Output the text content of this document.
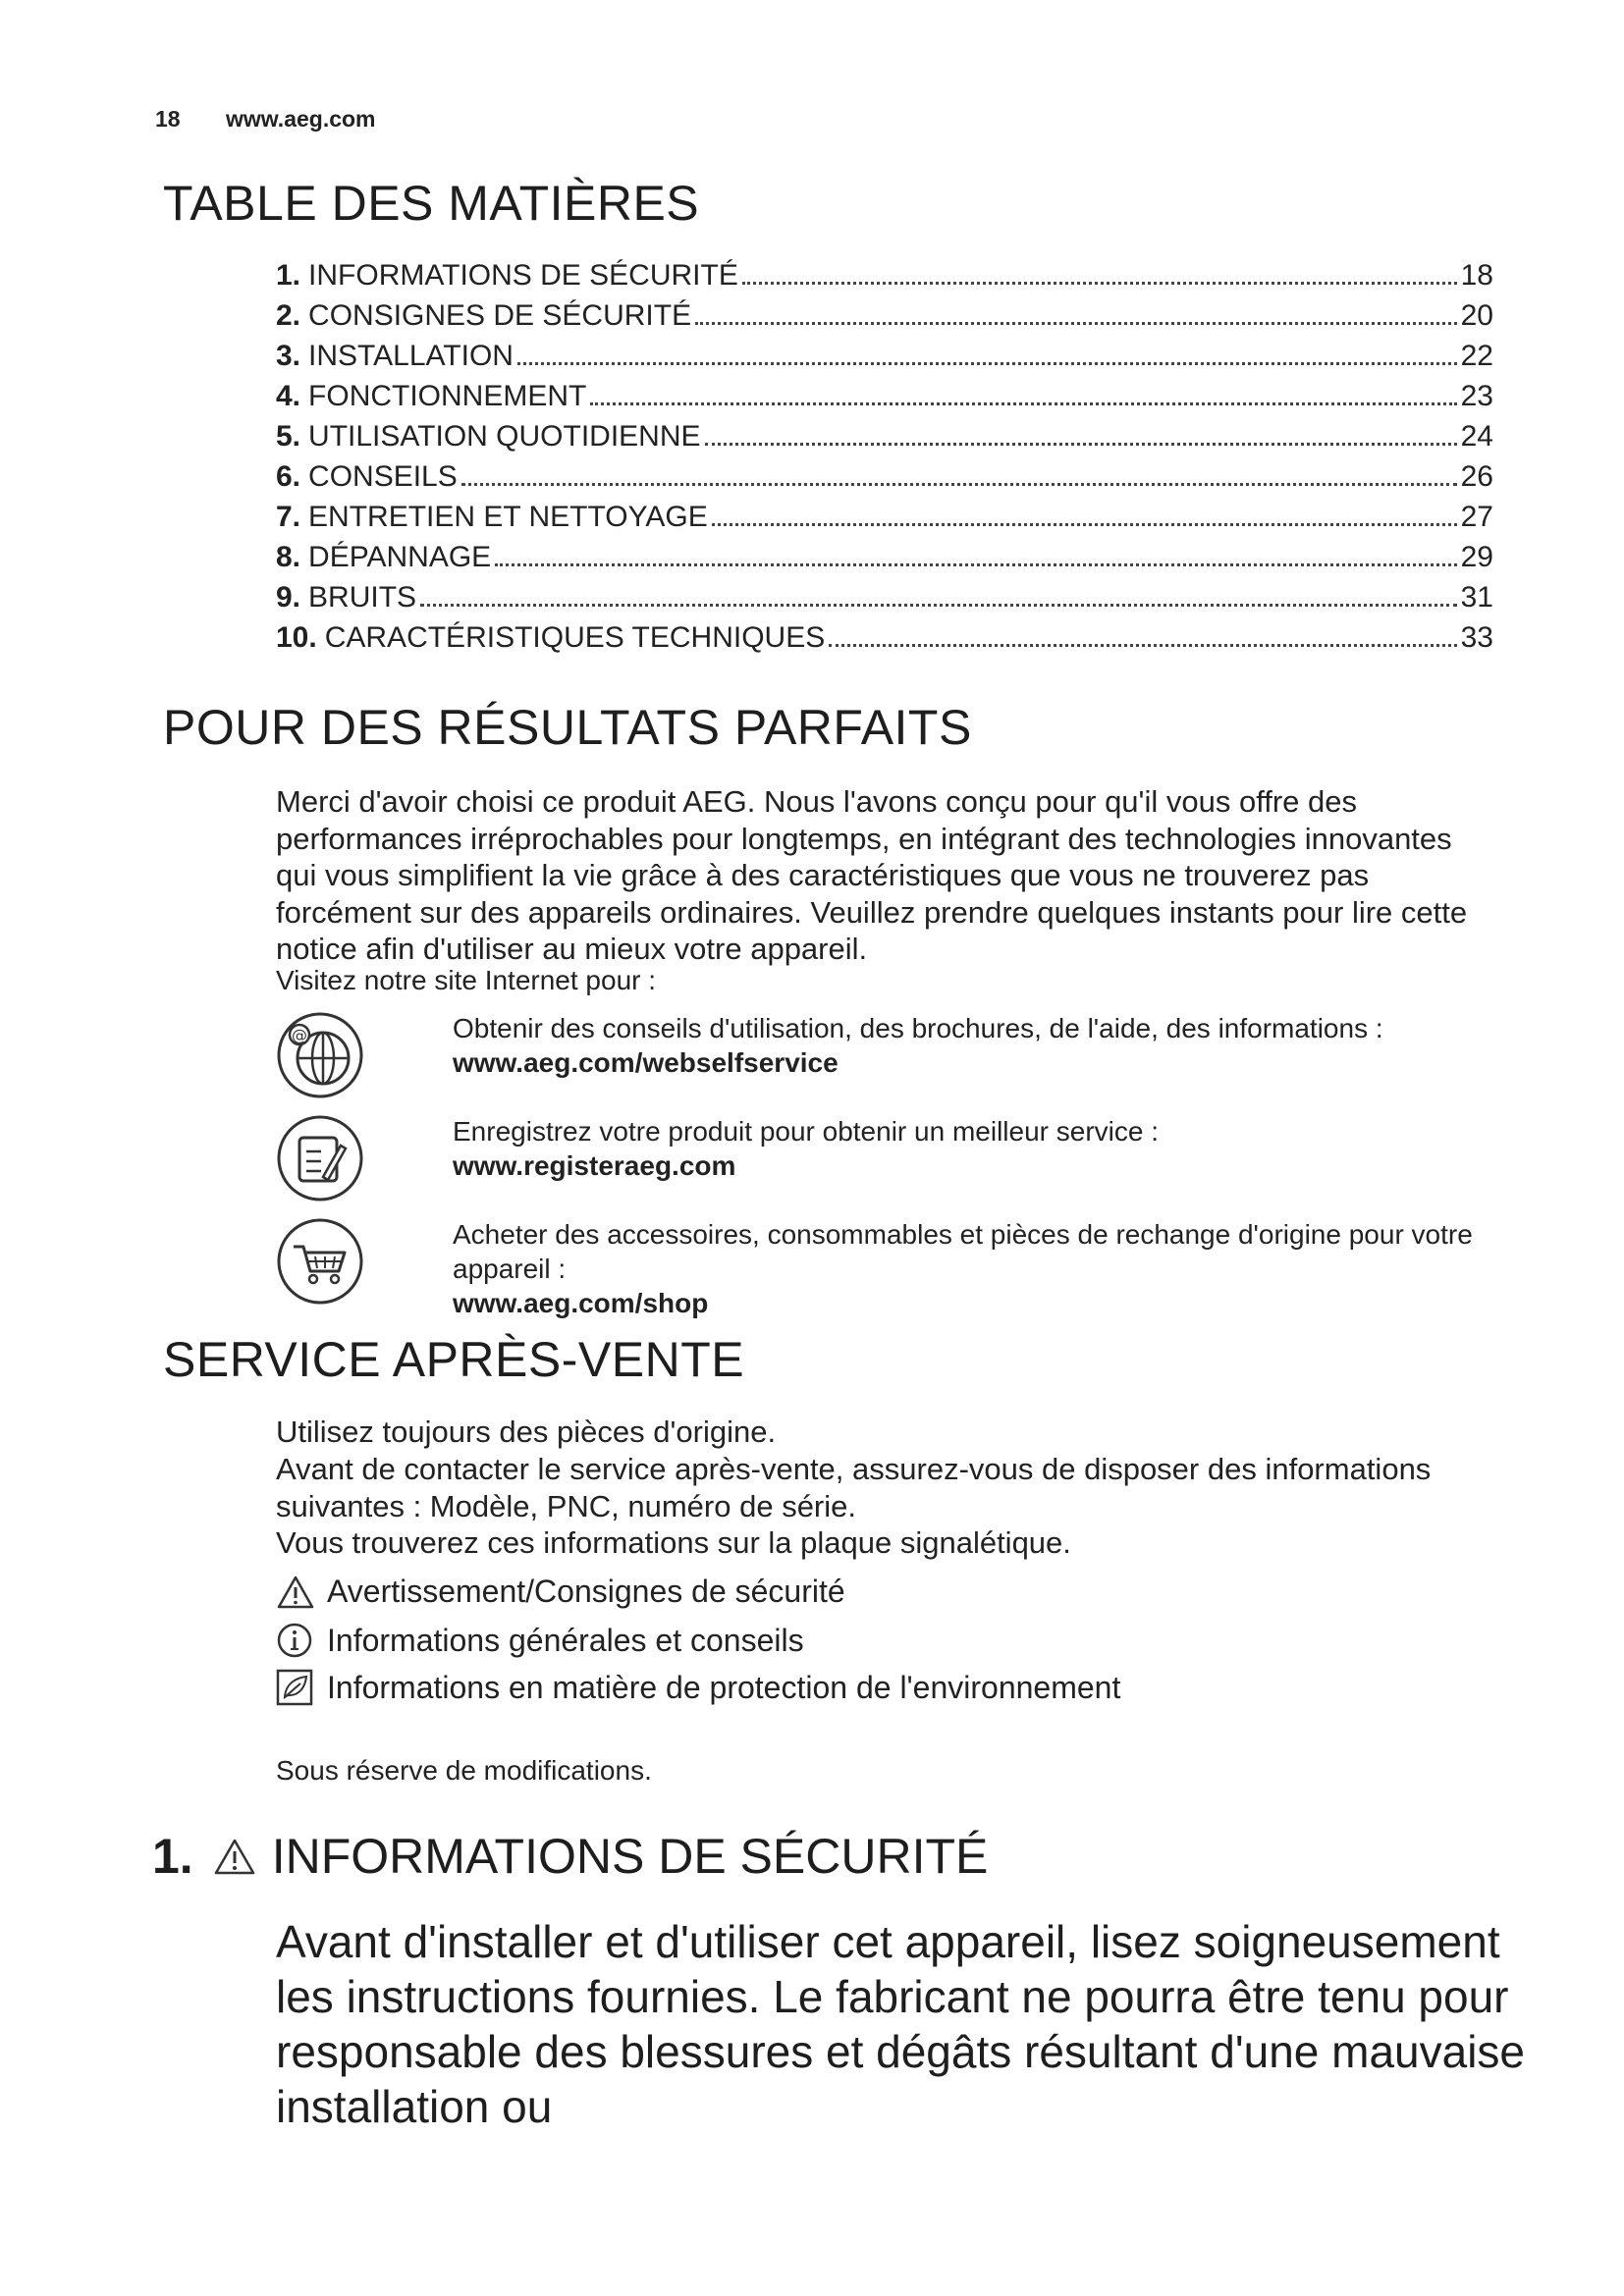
18 www.aeg.com
TABLE DES MATIÈRES
1. INFORMATIONS DE SÉCURITÉ	18
2. CONSIGNES DE SÉCURITÉ	20
3. INSTALLATION	22
4. FONCTIONNEMENT	23
5. UTILISATION QUOTIDIENNE	24
6. CONSEILS	26
7. ENTRETIEN ET NETTOYAGE	27
8. DÉPANNAGE	29
9. BRUITS	31
10. CARACTÉRISTIQUES TECHNIQUES	33
POUR DES RÉSULTATS PARFAITS

Merci d'avoir choisi ce produit AEG. Nous l'avons conçu pour qu'il vous offre des performances irréprochables pour longtemps, en intégrant des technologies innovantes qui vous simplifient la vie grâce à des caractéristiques que vous ne trouverez pas forcément sur des appareils ordinaires. Veuillez prendre quelques instants pour lire cette notice afin d'utiliser au mieux votre appareil.

Visitez notre site Internet pour :

@	Obtenir des conseils d'utilisation, des brochures, de l'aide, des informations :
www.aeg.com/webselfservice
Enregistrez votre produit pour obtenir un meilleur service :
www.registeraeg.com
Acheter des accessoires, consommables et pièces de rechange d'origine pour votre appareil :
www.aeg.com/shop
SERVICE APRÈS-VENTE

Utilisez toujours des pièces d'origine.

Avant de contacter le service après-vente, assurez-vous de disposer des informations suivantes : Modèle, PNC, numéro de série.

Vous trouverez ces informations sur la plaque signalétique.

Avertissement/Consignes de sécurité
Informations générales et conseils
Informations en matière de protection de l'environnement

Sous réserve de modifications.

1. INFORMATIONS DE SÉCURITÉ

Avant d'installer et d'utiliser cet appareil, lisez soigneusement les instructions fournies. Le fabricant ne pourra être tenu pour responsable des blessures et dégâts résultant d'une mauvaise installation ou
